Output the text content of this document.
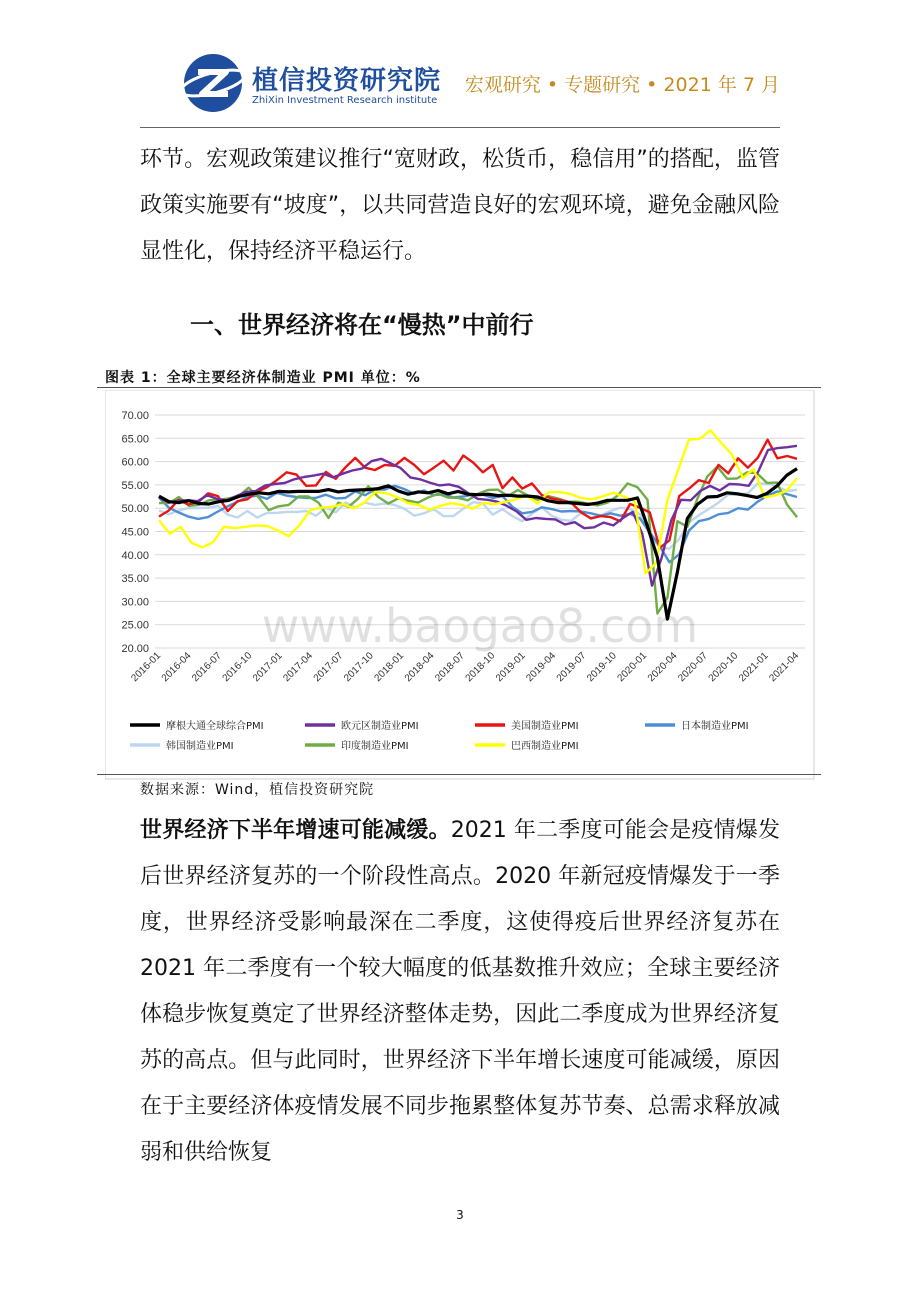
植信投资研究院
ZhiXin Investment Research institute
宏观研究 • 专题研究 • 2021 年 7 月

环节。宏观政策建议推行“宽财政，松货币，稳信用”的搭配，监管政策实施要有“坡度”，以共同营造良好的宏观环境，避免金融风险显性化，保持经济平稳运行。

一、世界经济将在“慢热”中前行
图表 1：全球主要经济体制造业 PMI 单位：%
70.00
65.00
60.00
55.00
50.00
45.00
40.00
35.00
30.00
25.00
20.00
2016-01
2016-04
2016-07
2016-10
2017-01
2017-04
2017-07
2017-10
2018-01
2018-04
2018-07
2018-10
2019-01
2019-04
2019-07
2019-10
2020-01
2020-04
2020-07
2020-10
2021-01
2021-04
www.baogao8.com
摩根大通全球综合PMI	欧元区制造业PMI	美国制造业PMI	日本制造业PMI
韩国制造业PMI	印度制造业PMI	巴西制造业PMI
数据来源：Wind，植信投资研究院

世界经济下半年增速可能减缓。2021 年二季度可能会是疫情爆发后世界经济复苏的一个阶段性高点。2020 年新冠疫情爆发于一季度，世界经济受影响最深在二季度，这使得疫后世界经济复苏在 2021 年二季度有一个较大幅度的低基数推升效应；全球主要经济体稳步恢复奠定了世界经济整体走势，因此二季度成为世界经济复苏的高点。但与此同时，世界经济下半年增长速度可能减缓，原因在于主要经济体疫情发展不同步拖累整体复苏节奏、总需求释放减弱和供给恢复

3
